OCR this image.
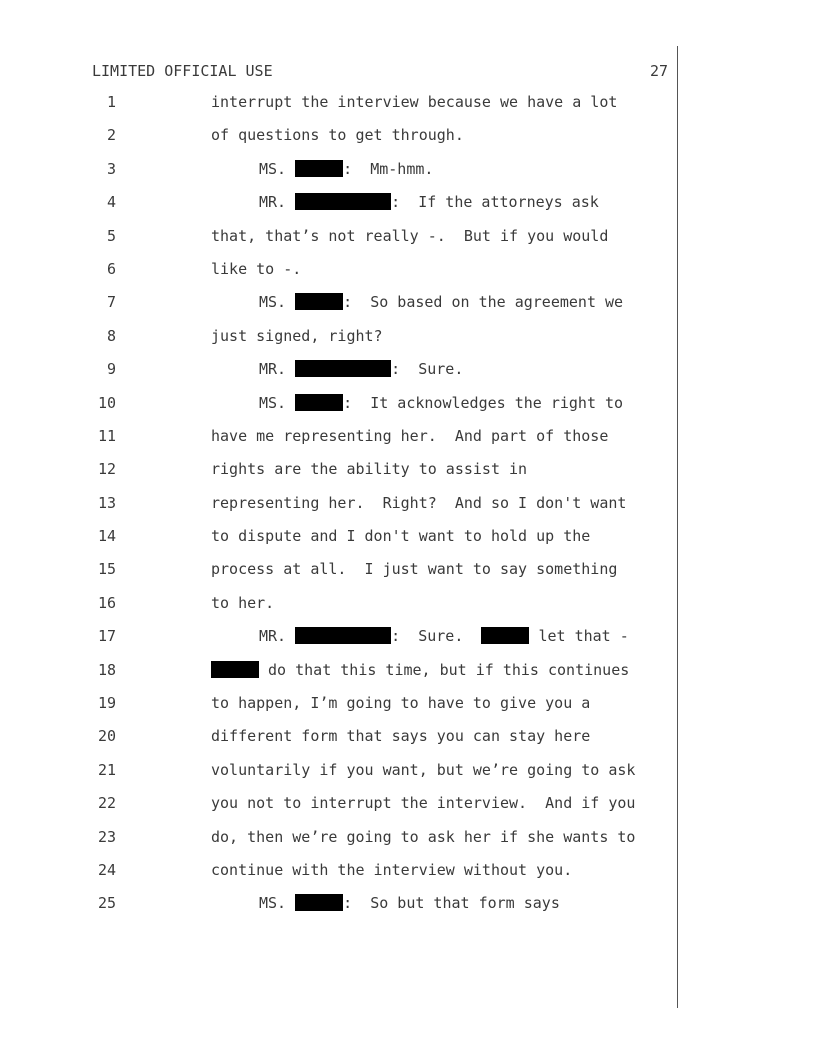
LIMITED OFFICIAL USE	27
1	interrupt the interview because we have a lot
2	of questions to get through.
3	MS.	:  Mm-hmm.
4	MR.	:  If the attorneys ask
5	that, that’s not really -.  But if you would
6	like to -.
7	MS.	:  So based on the agreement we
8	just signed, right?
9	MR.	:  Sure.
10	MS.	:  It acknowledges the right to
11	have me representing her.  And part of those
12	rights are the ability to assist in
13	representing her.  Right?  And so I don't want
14	to dispute and I don't want to hold up the
15	process at all.  I just want to say something
16	to her.
17	MR.	:  Sure.	let that -
18	do that this time, but if this continues
19	to happen, I’m going to have to give you a
20	different form that says you can stay here
21	voluntarily if you want, but we’re going to ask
22	you not to interrupt the interview.  And if you
23	do, then we’re going to ask her if she wants to
24	continue with the interview without you.
25	MS.	:  So but that form says
